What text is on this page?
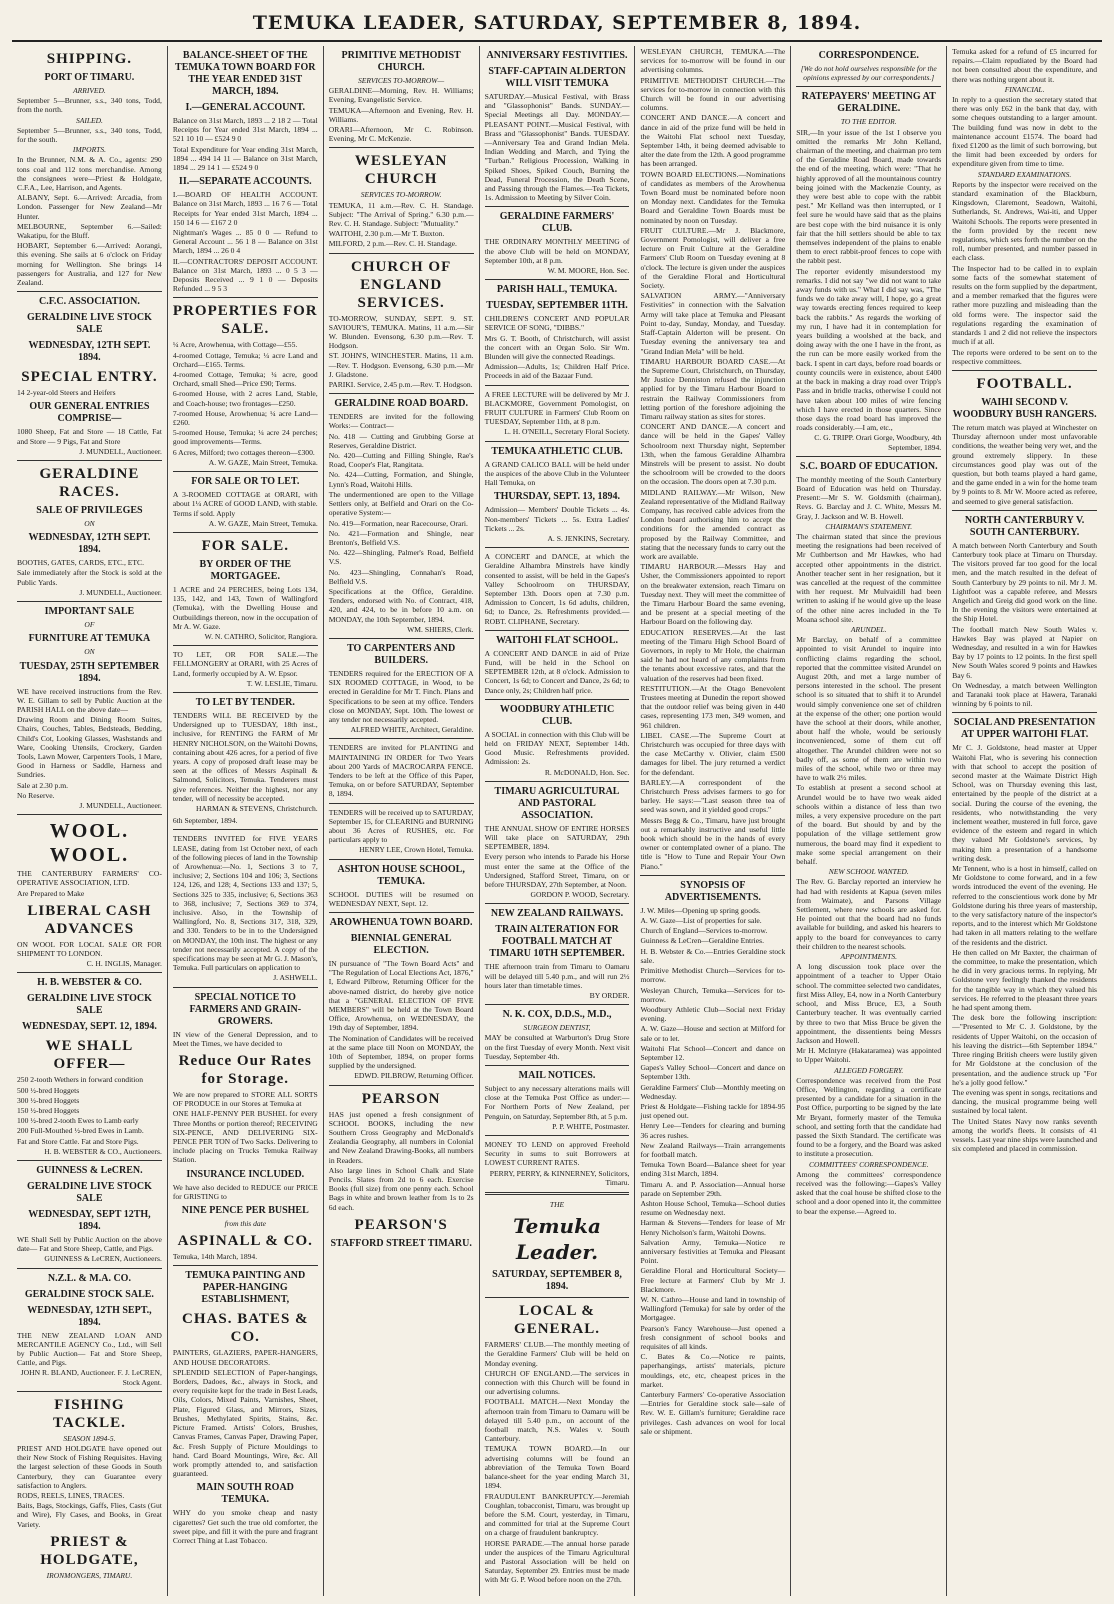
TEMUKA LEADER, SATURDAY, SEPTEMBER 8, 1894.
SHIPPING.
PORT OF TIMARU.
ARRIVED.
September 5—Brunner, s.s., 340 tons, Todd, from the north.
SAILED.
September 5—Brunner, s.s., 340 tons, Todd, for the south.
IMPORTS.
In the Brunner, N.M. & A. Co., agents: 290 tons coal and 112 tons merchandise. Among the consignees were—Priest & Holdgate, C.F.A., Lee, Harrison, and Agents.
ALBANY, Sept. 6.—Arrived: Arcadia, from London. Passenger for New Zealand—Mr Hunter.
MELBOURNE, September 6.—Sailed: Wakatipu, for the Bluff.
HOBART, September 6.—Arrived: Aorangi, this evening. She sails at 6 o'clock on Friday morning for Wellington. She brings 14 passengers for Australia, and 127 for New Zealand.
C.F.C. ASSOCIATION.
GERALDINE LIVE STOCK SALE
WEDNESDAY, 12TH SEPT. 1894.
SPECIAL ENTRY.
14 2-year-old Steers and Heifers
OUR GENERAL ENTRIES COMPRISE—
1080 Sheep, Fat and Store — 18 Cattle, Fat and Store — 9 Pigs, Fat and Store
J. MUNDELL, Auctioneer.
GERALDINE RACES.
SALE OF PRIVILEGES
ON
WEDNESDAY, 12TH SEPT. 1894.
BOOTHS, GATES, CARDS, ETC., ETC.
Sale immediately after the Stock is sold at the Public Yards.
J. MUNDELL, Auctioneer.
IMPORTANT SALE
OF
FURNITURE AT TEMUKA
ON
TUESDAY, 25TH SEPTEMBER 1894.
WE have received instructions from the Rev. W. E. Gillam to sell by Public Auction at the PARISH HALL on the above date—
Drawing Room and Dining Room Suites, Chairs, Couches, Tables, Bedsteads, Bedding, Child's Cot, Looking Glasses, Washstands and Ware, Cooking Utensils, Crockery, Garden Tools, Lawn Mower, Carpenters Tools, 1 Mare, Good in Harness or Saddle, Harness and Sundries.
Sale at 2.30 p.m.
No Reserve.
J. MUNDELL, Auctioneer.
WOOL. WOOL.
THE CANTERBURY FARMERS' CO-OPERATIVE ASSOCIATION, LTD.
Are Prepared to Make
LIBERAL CASH ADVANCES
ON WOOL FOR LOCAL SALE OR FOR SHIPMENT TO LONDON.
C. H. INGLIS, Manager.
H. B. WEBSTER & CO.
GERALDINE LIVE STOCK SALE
WEDNESDAY, SEPT. 12, 1894.
WE SHALL OFFER—
250 2-tooth Wethers in forward condition
500 ½-bred Hoggets
300 ½-bred Hoggets
150 ½-bred Hoggets
100 ½-bred 2-tooth Ewes to Lamb early
200 Full-Mouthed ½-bred Ewes in Lamb.
Fat and Store Cattle. Fat and Store Pigs.
H. B. WEBSTER & CO., Auctioneers.
GUINNESS & LeCREN.
GERALDINE LIVE STOCK SALE
WEDNESDAY, SEPT 12TH, 1894.
WE Shall Sell by Public Auction on the above date— Fat and Store Sheep, Cattle, and Pigs.
GUINNESS & LeCREN, Auctioneers.
N.Z.L. & M.A. CO.
GERALDINE STOCK SALE.
WEDNESDAY, 12TH SEPT., 1894.
THE NEW ZEALAND LOAN AND MERCANTILE AGENCY Co., Ltd., will Sell by Public Auction— Fat and Store Sheep, Cattle, and Pigs.
JOHN R. BLAND, Auctioneer. F. J. LeCREN, Stock Agent.
FISHING TACKLE.
SEASON 1894-5.
PRIEST AND HOLDGATE have opened out their New Stock of Fishing Requisites. Having the largest selection of these Goods in South Canterbury, they can Guarantee every satisfaction to Anglers.
RODS, REELS, LINES, TRACES.
Baits, Bags, Stockings, Gaffs, Flies, Casts (Gut and Wire), Fly Cases, and Books, in Great Variety.
PRIEST & HOLDGATE,
IRONMONGERS, TIMARU.
BALANCE-SHEET OF THE TEMUKA TOWN BOARD FOR THE YEAR ENDED 31ST MARCH, 1894.
I.—GENERAL ACCOUNT.
Balance on 31st March, 1893 ... 2 18 2 — Total Receipts for Year ended 31st March, 1894 ... 521 10 10 — £524 9 0
Total Expenditure for Year ending 31st March, 1894 ... 494 14 11 — Balance on 31st March, 1894 ... 29 14 1 — £524 9 0
II.—SEPARATE ACCOUNTS.
I.—BOARD OF HEALTH ACCOUNT. Balance on 31st March, 1893 ... 16 7 6 — Total Receipts for Year ended 31st March, 1894 ... 150 14 6 — £167 2 0
Nightman's Wages ... 85 0 0 — Refund to General Account ... 56 1 8 — Balance on 31st March, 1894 ... 26 0 4
II.—CONTRACTORS' DEPOSIT ACCOUNT. Balance on 31st March, 1893 ... 0 5 3 — Deposits Received ... 9 1 0 — Deposits Refunded ... 9 5 3
PROPERTIES FOR SALE.
¼ Acre, Arowhenua, with Cottage—£55.
4-roomed Cottage, Temuka; ¼ acre Land and Orchard—£165. Terms.
4-roomed Cottage, Temuka; ¼ acre, good Orchard, small Shed—Price £90; Terms.
6-roomed House, with 2 acres Land, Stable, and Coach-house; two frontages—£250.
7-roomed House, Arowhenua; ¼ acre Land—£260.
5-roomed House, Temuka; ¼ acre 24 perches; good improvements—Terms.
6 Acres, Milford; two cottages thereon—£300.
A. W. GAZE, Main Street, Temuka.
FOR SALE OR TO LET.
A 3-ROOMED COTTAGE at ORARI, with about 1¼ ACRE of GOOD LAND, with stable. Terms if sold. Apply
A. W. GAZE, Main Street, Temuka.
FOR SALE.
BY ORDER OF THE MORTGAGEE.
1 ACRE and 24 PERCHES, being Lots 134, 135, 142, and 143, Town of Wallingford (Temuka), with the Dwelling House and Outbuildings thereon, now in the occupation of Mr A. W. Gaze.
W. N. CATHRO, Solicitor, Rangiora.
TO LET, OR FOR SALE.—The FELLMONGERY at ORARI, with 25 Acres of Land, formerly occupied by A. W. Epsor.
T. W. LESLIE, Timaru.
TO LET BY TENDER.
TENDERS WILL BE RECEIVED by the Undersigned up to TUESDAY, 18th inst., inclusive, for RENTING the FARM of Mr HENRY NICHOLSON, on the Waitohi Downs, containing about 426 acres, for a period of five years. A copy of proposed draft lease may be seen at the offices of Messrs Aspinall & Salmond, Solicitors, Temuka. Tenderers must give references. Neither the highest, nor any tender, will of necessity be accepted.
HARMAN & STEVENS, Christchurch.
6th September, 1894.
TENDERS INVITED for FIVE YEARS LEASE, dating from 1st October next, of each of the following pieces of land in the Township of Arowhenua:—No. 1, Sections 3 to 7, inclusive; 2, Sections 104 and 106; 3, Sections 124, 126, and 128; 4, Sections 133 and 137; 5, Sections 325 to 335, inclusive; 6, Sections 363 to 368, inclusive; 7, Sections 369 to 374, inclusive. Also, in the Township of Wallingford, No. 8, Sections 317, 318, 329, and 330. Tenders to be in to the Undersigned on MONDAY, the 10th inst. The highest or any tender not necessarily accepted. A copy of the specifications may be seen at Mr G. J. Mason's, Temuka. Full particulars on application to
J. ASHWELL.
SPECIAL NOTICE TO FARMERS AND GRAIN-GROWERS.
IN view of the General Depression, and to Meet the Times, we have decided to
Reduce Our Rates for Storage.
We are now prepared to STORE ALL SORTS OF PRODUCE in our Stores at Temuka at
ONE HALF-PENNY PER BUSHEL for every Three Months or portion thereof; RECEIVING SIX-PENCE, AND DELIVERING SIX-PENCE PER TON of Two Sacks. Delivering to include placing on Trucks Temuka Railway Station.
INSURANCE INCLUDED.
We have also decided to REDUCE our PRICE for GRISTING to
NINE PENCE PER BUSHEL
from this date
ASPINALL & CO.
Temuka, 14th March, 1894.
TEMUKA PAINTING AND PAPER-HANGING ESTABLISHMENT,
CHAS. BATES & CO.
PAINTERS, GLAZIERS, PAPER-HANGERS, AND HOUSE DECORATORS.
SPLENDID SELECTION of Paper-hangings, Borders, Dadoes, &c., always in Stock, and every requisite kept for the trade in Best Leads, Oils, Colors, Mixed Paints, Varnishes, Sheet, Plate, Figured Glass, and Mirrors, Sizes, Brushes, Methylated Spirits, Stains, &c. Picture Framed. Artists' Colors, Brushes, Canvas Frames, Canvas Paper, Drawing Paper, &c. Fresh Supply of Picture Mouldings to hand. Card Board Mountings, Wire, &c. All work promptly attended to, and satisfaction guaranteed.
MAIN SOUTH ROAD TEMUKA.
WHY do you smoke cheap and nasty cigarettes? Get such the true old comforter, the sweet pipe, and fill it with the pure and fragrant Correct Thing at Last Tobacco.
PRIMITIVE METHODIST CHURCH.
SERVICES TO-MORROW—
GERALDINE—Morning, Rev. H. Williams; Evening, Evangelistic Service.
TEMUKA—Afternoon and Evening, Rev. H. Williams.
ORARI—Afternoon, Mr C. Robinson. Evening, Mr C. McKenzie.
WESLEYAN CHURCH
SERVICES TO-MORROW.
TEMUKA, 11 a.m.—Rev. C. H. Standage. Subject: "The Arrival of Spring." 6.30 p.m.—Rev. C. H. Standage. Subject: "Mutuality."
WAITOHI, 2.30 p.m.—Mr T. Buxton.
MILFORD, 2 p.m.—Rev. C. H. Standage.
CHURCH OF ENGLAND SERVICES.
TO-MORROW, SUNDAY, SEPT. 9. ST. SAVIOUR'S, TEMUKA. Matins, 11 a.m.—Sir W. Blunden. Evensong, 6.30 p.m.—Rev. T. Hodgson.
ST. JOHN'S, WINCHESTER. Matins, 11 a.m.—Rev. T. Hodgson. Evensong, 6.30 p.m.—Mr J. Gladstone.
PARIKI. Service, 2.45 p.m.—Rev. T. Hodgson.
GERALDINE ROAD BOARD.
TENDERS are invited for the following Works:— Contract—
No. 418 — Cutting and Grubbing Gorse at Reserves, Geraldine District.
No. 420—Cutting and Filling Shingle, Rae's Road, Cooper's Flat, Rangitata.
No. 424—Cutting, Formation, and Shingle, Lynn's Road, Waitohi Hills.
The undermentioned are open to the Village Settlers only, at Belfield and Orari on the Co-operative System:—
No. 419—Formation, near Racecourse, Orari.
No. 421—Formation and Shingle, near Brenton's, Belfield V.S.
No. 422—Shingling, Palmer's Road, Belfield V.S.
No. 423—Shingling, Connahan's Road, Belfield V.S.
Specifications at the Office, Geraldine. Tenders, endorsed with No. of Contract, 418, 420, and 424, to be in before 10 a.m. on MONDAY, the 10th September, 1894.
WM. SHIERS, Clerk.
TO CARPENTERS AND BUILDERS.
TENDERS required for the ERECTION OF A SIX ROOMED COTTAGE, in Wood, to be erected in Geraldine for Mr T. Finch. Plans and Specifications to be seen at my office. Tenders close on MONDAY, Sept. 10th. The lowest or any tender not necessarily accepted.
ALFRED WHITE, Architect, Geraldine.
TENDERS are invited for PLANTING and MAINTAINING IN ORDER for Two Years about 200 Yards of MACROCARPA FENCE. Tenders to be left at the Office of this Paper, Temuka, on or before SATURDAY, September 8, 1894.
TENDERS will be received up to SATURDAY, September 15, for CLEARING and BURNING about 36 Acres of RUSHES, etc. For particulars apply to
HENRY LEE, Crown Hotel, Temuka.
ASHTON HOUSE SCHOOL, TEMUKA.
SCHOOL DUTIES will be resumed on WEDNESDAY NEXT, Sept. 12.
AROWHENUA TOWN BOARD.
BIENNIAL GENERAL ELECTION.
IN pursuance of "The Town Board Acts" and "The Regulation of Local Elections Act, 1876," I, Edward Pilbrow, Returning Officer for the above-named district, do hereby give notice that a "GENERAL ELECTION OF FIVE MEMBERS" will be held at the Town Board Office, Arowhenua, on WEDNESDAY, the 19th day of September, 1894.
The Nomination of Candidates will be received at the same place till Noon on MONDAY, the 10th of September, 1894, on proper forms supplied by the undersigned.
EDWD. PILBROW, Returning Officer.
PEARSON
HAS just opened a fresh consignment of SCHOOL BOOKS, including the new Southern Cross Geography and McDonald's Zealandia Geography, all numbers in Colonial and New Zealand Drawing-Books, all numbers in Readers.
Also large lines in School Chalk and Slate Pencils. Slates from 2d to 6 each. Exercise Books (full size) from one penny each. School Bags in white and brown leather from 1s to 2s 6d each.
PEARSON'S
STAFFORD STREET TIMARU.
ANNIVERSARY FESTIVITIES.
STAFF-CAPTAIN ALDERTON WILL VISIT TEMUKA
SATURDAY.—Musical Festival, with Brass and "Glassophonist" Bands. SUNDAY.—Special Meetings all Day. MONDAY.—PLEASANT POINT.—Musical Festival, with Brass and "Glassophonist" Bands. TUESDAY.—Anniversary Tea and Grand Indian Mela. Indian Wedding and March, and Tying the "Turban." Religious Procession, Walking in Spiked Shoes, Spiked Couch, Burning the Dead, Funeral Procession, the Death Scene, and Passing through the Flames.—Tea Tickets, 1s. Admission to Meeting by Silver Coin.
GERALDINE FARMERS' CLUB.
THE ORDINARY MONTHLY MEETING of the above Club will be held on MONDAY, September 10th, at 8 p.m.
W. M. MOORE, Hon. Sec.
PARISH HALL, TEMUKA.
TUESDAY, SEPTEMBER 11TH.
CHILDREN'S CONCERT AND POPULAR SERVICE OF SONG, "DIBBS."
Mrs G. T. Booth, of Christchurch, will assist the concert with an Organ Solo. Sir Wm. Blunden will give the connected Readings.
Admission—Adults, 1s; Children Half Price. Proceeds in aid of the Bazaar Fund.
A FREE LECTURE will be delivered by Mr J. BLACKMORE, Government Pomologist, on FRUIT CULTURE in Farmers' Club Room on TUESDAY, September 11th, at 8 p.m.
L. H. O'NEILL, Secretary Floral Society.
TEMUKA ATHLETIC CLUB.
A GRAND CALICO BALL will be held under the auspices of the above Club in the Volunteer Hall Temuka, on
THURSDAY, SEPT. 13, 1894.
Admission— Members' Double Tickets ... 4s. Non-members' Tickets ... 5s. Extra Ladies' Tickets ... 2s.
A. S. JENKINS, Secretary.
A CONCERT and DANCE, at which the Geraldine Alhambra Minstrels have kindly consented to assist, will be held in the Gapes's Valley Schoolroom on THURSDAY, September 13th. Doors open at 7.30 p.m. Admission to Concert, 1s 6d adults, children, 6d; to Dance, 2s. Refreshments provided.—ROBT. CLIPHANE, Secretary.
WAITOHI FLAT SCHOOL.
A CONCERT AND DANCE in aid of Prize Fund, will be held in the School on SEPTEMBER 12th, at 8 o'clock. Admission to Concert, 1s 6d; to Concert and Dance, 2s 6d; to Dance only, 2s; Children half price.
WOODBURY ATHLETIC CLUB.
A SOCIAL in connection with this Club will be held on FRIDAY NEXT, September 14th. Good Music. Refreshments provided. Admission: 2s.
R. McDONALD, Hon. Sec.
TIMARU AGRICULTURAL AND PASTORAL ASSOCIATION.
THE ANNUAL SHOW OF ENTIRE HORSES Will take place on SATURDAY, 29th SEPTEMBER, 1894.
Every person who intends to Parade his Horse must enter the same at the Office of the Undersigned, Stafford Street, Timaru, on or before THURSDAY, 27th September, at Noon.
GORDON P. WOOD, Secretary.
NEW ZEALAND RAILWAYS.
TRAIN ALTERATION FOR FOOTBALL MATCH AT TIMARU 10TH SEPTEMBER.
THE afternoon train from Timaru to Oamaru will be delayed till 5.40 p.m., and will run 2½ hours later than timetable times.
BY ORDER.
N. K. COX, D.D.S., M.D.,
SURGEON DENTIST,
MAY be consulted at Warburton's Drug Store on the first Tuesday of every Month. Next visit Tuesday, September 4th.
MAIL NOTICES.
Subject to any necessary alterations mails will close at the Temuka Post Office as under:— For Northern Ports of New Zealand, per Penguin, on Saturday, September 8th, at 5 p.m.
P. P. WHITE, Postmaster.
MONEY TO LEND on approved Freehold Security in sums to suit Borrowers at LOWEST CURRENT RATES.
PERRY, PERRY, & KINNERNEY, Solicitors, Timaru.
THE
Temuka Leader.
SATURDAY, SEPTEMBER 8, 1894.
LOCAL & GENERAL.
FARMERS' CLUB.—The monthly meeting of the Geraldine Farmers' Club will be held on Monday evening.
CHURCH OF ENGLAND.—The services in connection with this Church will be found in our advertising columns.
FOOTBALL MATCH.—Next Monday the afternoon train from Timaru to Oamaru will be delayed till 5.40 p.m., on account of the football match, N.S. Wales v. South Canterbury.
TEMUKA TOWN BOARD.—In our advertising columns will be found an abbreviation of the Temuka Town Board balance-sheet for the year ending March 31, 1894.
FRAUDULENT BANKRUPTCY.—Jeremiah Coughlan, tobacconist, Timaru, was brought up before the S.M. Court, yesterday, in Timaru, and committed for trial at the Supreme Court on a charge of fraudulent bankruptcy.
HORSE PARADE.—The annual horse parade under the auspices of the Timaru Agricultural and Pastoral Association will be held on Saturday, September 29. Entries must be made with Mr G. P. Wood before noon on the 27th.
WESLEYAN CHURCH, TEMUKA.—The services for to-morrow will be found in our advertising columns.
PRIMITIVE METHODIST CHURCH.—The services for to-morrow in connection with this Church will be found in our advertising columns.
CONCERT AND DANCE.—A concert and dance in aid of the prize fund will be held in the Waitohi Flat school next Tuesday, September 14th, it being deemed advisable to alter the date from the 12th. A good programme has been arranged.
TOWN BOARD ELECTIONS.—Nominations of candidates as members of the Arowhenua Town Board must be nominated before noon on Monday next. Candidates for the Temuka Board and Geraldine Town Boards must be nominated by noon on Tuesday.
FRUIT CULTURE.—Mr J. Blackmore, Government Pomologist, will deliver a free lecture on Fruit Culture at the Geraldine Farmers' Club Room on Tuesday evening at 8 o'clock. The lecture is given under the auspices of the Geraldine Floral and Horticultural Society.
SALVATION ARMY.—"Anniversary Festivities" in connection with the Salvation Army will take place at Temuka and Pleasant Point to-day, Sunday, Monday, and Tuesday. Staff-Captain Alderton will be present. On Tuesday evening the anniversary tea and "Grand Indian Mela" will be held.
TIMARU HARBOUR BOARD CASE.—At the Supreme Court, Christchurch, on Thursday, Mr Justice Denniston refused the injunction applied for by the Timaru Harbour Board to restrain the Railway Commissioners from letting portion of the foreshore adjoining the Timaru railway station as sites for stores.
CONCERT AND DANCE.—A concert and dance will be held in the Gapes' Valley Schoolroom next Thursday night, September 13th, when the famous Geraldine Alhambra Minstrels will be present to assist. No doubt the schoolroom will be crowded to the doors on the occasion. The doors open at 7.30 p.m.
MIDLAND RAILWAY.—Mr Wilson, New Zealand representative of the Midland Railway Company, has received cable advices from the London board authorising him to accept the conditions for the amended contract as proposed by the Railway Committee, and stating that the necessary funds to carry out the work are available.
TIMARU HARBOUR.—Messrs Hay and Usher, the Commissioners appointed to report on the breakwater extension, reach Timaru on Tuesday next. They will meet the committee of the Timaru Harbour Board the same evening, and be present at a special meeting of the Harbour Board on the following day.
EDUCATION RESERVES.—At the last meeting of the Timaru High School Board of Governors, in reply to Mr Hole, the chairman said he had not heard of any complaints from the tenants about excessive rates, and that the valuation of the reserves had been fixed.
RESTITUTION.—At the Otago Benevolent Trustees meeting at Dunedin the report showed that the outdoor relief was being given in 440 cases, representing 173 men, 349 women, and 961 children.
LIBEL CASE.—The Supreme Court at Christchurch was occupied for three days with the case McCarthy v. Olivier, claim £500 damages for libel. The jury returned a verdict for the defendant.
BARLEY.—A correspondent of the Christchurch Press advises farmers to go for barley. He says:—"Last season three tea of seed was sown, and it yielded good crops."
Messrs Begg & Co., Timaru, have just brought out a remarkably instructive and useful little book which should be in the hands of every owner or contemplated owner of a piano. The title is "How to Tune and Repair Your Own Piano."
SYNOPSIS OF ADVERTISEMENTS.
J. W. Miles—Opening up spring goods.
A. W. Gaze—List of properties for sale.
Church of England—Services to-morrow.
Guinness & LeCren—Geraldine Entries.
H. B. Webster & Co.—Entries Geraldine stock sale.
Primitive Methodist Church—Services for to-morrow.
Wesleyan Church, Temuka—Services for to-morrow.
Woodbury Athletic Club—Social next Friday evening.
A. W. Gaze—House and section at Milford for sale or to let.
Waitohi Flat School—Concert and dance on September 12.
Gapes's Valley School—Concert and dance on September 13th.
Geraldine Farmers' Club—Monthly meeting on Wednesday.
Priest & Holdgate—Fishing tackle for 1894-95 just opened out.
Henry Lee—Tenders for clearing and burning 36 acres rushes.
New Zealand Railways—Train arrangements for football match.
Temuka Town Board—Balance sheet for year ending 31st March, 1894.
Timaru A. and P. Association—Annual horse parade on September 29th.
Ashton House School, Temuka—School duties resume on Wednesday next.
Harman & Stevens—Tenders for lease of Mr Henry Nicholson's farm, Waitohi Downs.
Salvation Army, Temuka—Notice re anniversary festivities at Temuka and Pleasant Point.
Geraldine Floral and Horticultural Society—Free lecture at Farmers' Club by Mr J. Blackmore.
W. N. Cathro—House and land in township of Wallingford (Temuka) for sale by order of the Mortgagee.
Pearson's Fancy Warehouse—Just opened a fresh consignment of school books and requisites of all kinds.
C. Bates & Co.—Notice re paints, paperhangings, artists' materials, picture mouldings, etc, etc, cheapest prices in the market.
Canterbury Farmers' Co-operative Association—Entries for Geraldine stock sale—sale of Rev. W. E. Gillam's furniture; Geraldine race privileges. Cash advances on wool for local sale or shipment.
CORRESPONDENCE.
[We do not hold ourselves responsible for the opinions expressed by our correspondents.]
RATEPAYERS' MEETING AT GERALDINE.
TO THE EDITOR.
SIR,—In your issue of the 1st I observe you omitted the remarks Mr John Kelland, chairman of the meeting, and chairman pro tem of the Geraldine Road Board, made towards the end of the meeting, which were: "That he highly approved of all the mountainous country being joined with the Mackenzie County, as they were best able to cope with the rabbit pest." Mr Kelland was then interrupted, or I feel sure he would have said that as the plains are best cope with the bird nuisance it is only fair that the hill settlers should be able to tax themselves independent of the plains to enable them to erect rabbit-proof fences to cope with the rabbit pest.
The reporter evidently misunderstood my remarks. I did not say "we did not want to take away funds with us." What I did say was, "The funds we do take away will, I hope, go a great way towards erecting fences required to keep back the rabbits." As regards the working of my run, I have had it in contemplation for years building a woolshed at the back, and doing away with the one I have in the front, as the run can be more easily worked from the back. I spent in cart days, before road boards or county councils were in existence, about £400 at the back in making a dray road over Tripp's Pass and in bridle tracks, otherwise I could not have taken about 100 miles of wire fencing which I have erected in those quarters. Since those days the road board has improved the roads considerably.—I am, etc.,
C. G. TRIPP. Orari Gorge, Woodbury, 4th September, 1894.
S.C. BOARD OF EDUCATION.
The monthly meeting of the South Canterbury Board of Education was held on Thursday. Present:—Mr S. W. Goldsmith (chairman), Revs. G. Barclay and J. C. White, Messrs M. Gray, J. Jackson and W. B. Howell.
CHAIRMAN'S STATEMENT.
The chairman stated that since the previous meeting the resignations had been received of Mr Cuthbertson and Mr Hawkes, who had accepted other appointments in the district. Another teacher sent in her resignation, but it was cancelled at the request of the committee with her request. Mr Mulvaidill had been written to asking if he would give up the lease of the other nine acres included in the Te Moana school site.
ARUNDEL.
Mr Barclay, on behalf of a committee appointed to visit Arundel to inquire into conflicting claims regarding the school, reported that the committee visited Arundel on August 20th, and met a large number of persons interested in the school. The present school is so situated that to shift it to Arundel would simply convenience one set of children at the expense of the other; one portion would have the school at their doors, while another, about half the whole, would be seriously inconvenienced, some of them cut off altogether. The Arundel children were not so badly off, as some of them are within two miles of the school, while two or three may have to walk 2½ miles.
To establish at present a second school at Arundel would be to have two weak aided schools within a distance of less than two miles, a very expensive procedure on the part of the board. But should by and by the population of the village settlement grow numerous, the board may find it expedient to make some special arrangement on their behalf.
NEW SCHOOL WANTED.
The Rev. G. Barclay reported an interview he had had with residents at Kapua (seven miles from Waimate), and Parsons Village Settlement, where new schools are asked for. He pointed out that the board had no funds available for building, and asked his hearers to apply to the board for conveyances to carry their children to the nearest schools.
APPOINTMENTS.
A long discussion took place over the appointment of a teacher to Upper Otaio school. The committee selected two candidates, first Miss Alley, E4, now in a North Canterbury school, and Miss Bruce, E3, a South Canterbury teacher. It was eventually carried by three to two that Miss Bruce be given the appointment, the dissentients being Messrs Jackson and Howell.
Mr H. McIntyre (Hakataramea) was appointed to Upper Waitohi.
ALLEGED FORGERY.
Correspondence was received from the Post Office, Wellington, regarding a certificate presented by a candidate for a situation in the Post Office, purporting to be signed by the late Mr Bryant, formerly master of the Temuka school, and setting forth that the candidate had passed the Sixth Standard. The certificate was found to be a forgery, and the Board was asked to institute a prosecution.
COMMITTEES' CORRESPONDENCE.
Among the committees' correspondence received was the following:—Gapes's Valley asked that the coal house be shifted close to the school and a door opened into it, the committee to bear the expense.—Agreed to.
Temuka asked for a refund of £5 incurred for repairs.—Claim repudiated by the Board had not been consulted about the expenditure, and there was nothing urgent about it.
FINANCIAL.
In reply to a question the secretary stated that there was only £62 in the bank that day, with some cheques outstanding to a larger amount. The building fund was now in debt to the maintenance account £1574. The board had fixed £1200 as the limit of such borrowing, but the limit had been exceeded by orders for expenditure given from time to time.
STANDARD EXAMINATIONS.
Reports by the inspector were received on the standard examination of the Blackburn, Kingsdown, Claremont, Seadown, Waitohi, Sutherlands, St. Andrews, Wai-iti, and Upper Waitohi Schools. The reports were presented in the form provided by the recent new regulations, which sets forth the number on the roll, number presented, and number passed in each class.
The Inspector had to be called in to explain some facts of the somewhat statement of results on the form supplied by the department, and a member remarked that the figures were rather more puzzling and misleading than the old forms were. The inspector said the regulations regarding the examination of standards 1 and 2 did not relieve the inspectors much if at all.
The reports were ordered to be sent on to the respective committees.
FOOTBALL.
WAIHI SECOND V. WOODBURY BUSH RANGERS.
The return match was played at Winchester on Thursday afternoon under most unfavorable conditions, the weather being very wet, and the ground extremely slippery. In these circumstances good play was out of the question, but both teams played a hard game, and the game ended in a win for the home team by 9 points to 8. Mr W. Moore acted as referee, and seemed to give general satisfaction.
NORTH CANTERBURY V. SOUTH CANTERBURY.
A match between North Canterbury and South Canterbury took place at Timaru on Thursday. The visitors proved far too good for the local men, and the match resulted in the defeat of South Canterbury by 29 points to nil. Mr J. M. Lightfoot was a capable referee, and Messrs Angelich and Greig did good work on the line. In the evening the visitors were entertained at the Ship Hotel.
The football match New South Wales v. Hawkes Bay was played at Napier on Wednesday, and resulted in a win for Hawkes Bay by 17 points to 12 points. In the first spell New South Wales scored 9 points and Hawkes Bay 6.
On Wednesday, a match between Wellington and Taranaki took place at Hawera, Taranaki winning by 6 points to nil.
SOCIAL AND PRESENTATION AT UPPER WAITOHI FLAT.
Mr C. J. Goldstone, head master at Upper Waitohi Flat, who is severing his connection with that school to accept the position of second master at the Waimate District High School, was on Thursday evening this last, entertained by the people of the district at a social. During the course of the evening, the residents, who notwithstanding the very inclement weather, mustered in full force, gave evidence of the esteem and regard in which they valued Mr Goldstone's services, by making him a presentation of a handsome writing desk.
Mr Tennent, who is a host in himself, called on Mr Goldstone to come forward, and in a few words introduced the event of the evening. He referred to the conscientious work done by Mr Goldstone during his three years of mastership, to the very satisfactory nature of the inspector's reports, and to the interest which Mr Goldstone had taken in all matters relating to the welfare of the residents and the district.
He then called on Mr Baxter, the chairman of the committee, to make the presentation, which he did in very gracious terms. In replying, Mr Goldstone very feelingly thanked the residents for the tangible way in which they valued his services. He referred to the pleasant three years he had spent among them.
The desk bore the following inscription:—"Presented to Mr C. J. Goldstone, by the residents of Upper Waitohi, on the occasion of his leaving the district—6th September 1894." Three ringing British cheers were lustily given for Mr Goldstone at the conclusion of the presentation, and the audience struck up "For he's a jolly good fellow."
The evening was spent in songs, recitations and dancing, the musical programme being well sustained by local talent.
The United States Navy now ranks seventh among the world's fleets. It consists of 41 vessels. Last year nine ships were launched and six completed and placed in commission.
